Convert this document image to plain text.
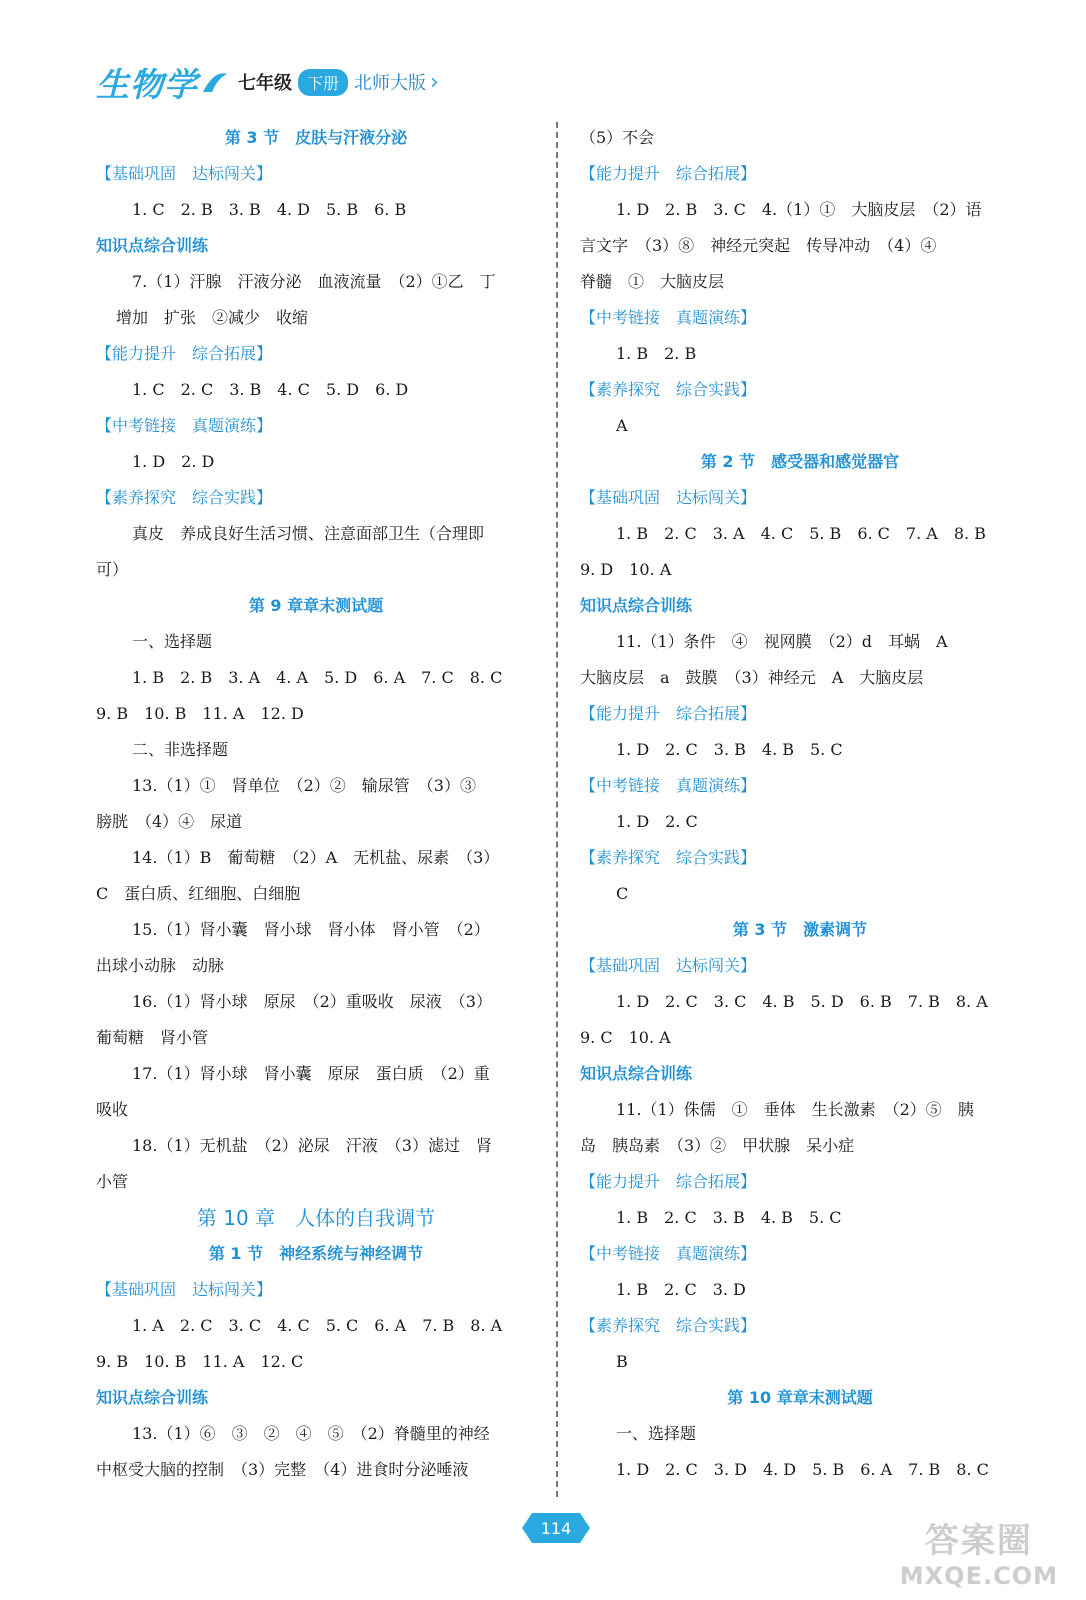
生物学 七年级 下册 北师大版 ›
第 3 节　皮肤与汗液分泌
【基础巩固　达标闯关】
1. C　2. B　3. B　4. D　5. B　6. B
知识点综合训练
7.（1）汗腺　汗液分泌　血液流量　（2）①乙　丁
增加　扩张　②减少　收缩
【能力提升　综合拓展】
1. C　2. C　3. B　4. C　5. D　6. D
【中考链接　真题演练】
1. D　2. D
【素养探究　综合实践】
真皮　养成良好生活习惯、注意面部卫生（合理即
可）
第 9 章章末测试题
一、选择题
1. B　2. B　3. A　4. A　5. D　6. A　7. C　8. C
9. B　10. B　11. A　12. D
二、非选择题
13.（1）①　肾单位　（2）②　输尿管　（3）③
膀胱　（4）④　尿道
14.（1）B　葡萄糖　（2）A　无机盐、尿素　（3）
C　蛋白质、红细胞、白细胞
15.（1）肾小囊　肾小球　肾小体　肾小管　（2）
出球小动脉　动脉
16.（1）肾小球　原尿　（2）重吸收　尿液　（3）
葡萄糖　肾小管
17.（1）肾小球　肾小囊　原尿　蛋白质　（2）重
吸收
18.（1）无机盐　（2）泌尿　汗液　（3）滤过　肾
小管
第 10 章　人体的自我调节
第 1 节　神经系统与神经调节
【基础巩固　达标闯关】
1. A　2. C　3. C　4. C　5. C　6. A　7. B　8. A
9. B　10. B　11. A　12. C
知识点综合训练
13.（1）⑥　③　②　④　⑤　（2）脊髓里的神经
中枢受大脑的控制　（3）完整　（4）进食时分泌唾液
（5）不会
【能力提升　综合拓展】
1. D　2. B　3. C　4.（1）①　大脑皮层　（2）语
言文字　（3）⑧　神经元突起　传导冲动　（4）④
脊髓　①　大脑皮层
【中考链接　真题演练】
1. B　2. B
【素养探究　综合实践】
A
第 2 节　感受器和感觉器官
【基础巩固　达标闯关】
1. B　2. C　3. A　4. C　5. B　6. C　7. A　8. B
9. D　10. A
知识点综合训练
11.（1）条件　④　视网膜　（2）d　耳蜗　A
大脑皮层　a　鼓膜　（3）神经元　A　大脑皮层
【能力提升　综合拓展】
1. D　2. C　3. B　4. B　5. C
【中考链接　真题演练】
1. D　2. C
【素养探究　综合实践】
C
第 3 节　激素调节
【基础巩固　达标闯关】
1. D　2. C　3. C　4. B　5. D　6. B　7. B　8. A
9. C　10. A
知识点综合训练
11.（1）侏儒　①　垂体　生长激素　（2）⑤　胰
岛　胰岛素　（3）②　甲状腺　呆小症
【能力提升　综合拓展】
1. B　2. C　3. B　4. B　5. C
【中考链接　真题演练】
1. B　2. C　3. D
【素养探究　综合实践】
B
第 10 章章末测试题
一、选择题
1. D　2. C　3. D　4. D　5. B　6. A　7. B　8. C
114	答案圈
MXQE.COM
